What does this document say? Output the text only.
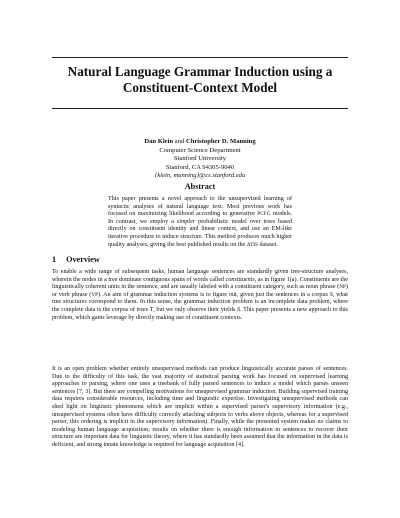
Natural Language Grammar Induction using a
Constituent-Context Model
Dan Klein and Christopher D. Manning
Computer Science Department
Stanford University
Stanford, CA 94305-9040
{klein, manning}@cs.stanford.edu
Abstract
This paper presents a novel approach to the unsupervised learning of syntactic analyses of natural language text. Most previous work has focused on maximizing likelihood according to generative PCFG models. In contrast, we employ a simpler probabilistic model over trees based directly on constituent identity and linear context, and use an EM-like iterative procedure to induce structure. This method produces much higher quality analyses, giving the best published results on the ATIS dataset.
1 Overview
To enable a wide range of subsequent tasks, human language sentences are standardly given tree-structure analyses, wherein the nodes in a tree dominate contiguous spans of words called constituents, as in figure 1(a). Constituents are the linguistically coherent units in the sentence, and are usually labeled with a constituent category, such as noun phrase (NP) or verb phrase (VP). An aim of grammar induction systems is to figure out, given just the sentences in a corpus S, what tree structures correspond to them. In this sense, the grammar induction problem is an incomplete data problem, where the complete data is the corpus of trees T, but we only observe their yields S. This paper presents a new approach to this problem, which gains leverage by directly making use of constituent contexts.
It is an open problem whether entirely unsupervised methods can produce linguistically accurate parses of sentences. Due to the difficulty of this task, the vast majority of statistical parsing work has focused on supervised learning approaches to parsing, where one uses a treebank of fully parsed sentences to induce a model which parses unseen sentences [7, 3]. But there are compelling motivations for unsupervised grammar induction. Building supervised training data requires considerable resources, including time and linguistic expertise. Investigating unsupervised methods can shed light on linguistic phenomena which are implicit within a supervised parser's supervisory information (e.g., unsupervised systems often have difficulty correctly attaching subjects to verbs above objects, whereas for a supervised parser, this ordering is implicit in the supervisory information). Finally, while the presented system makes no claims to modeling human language acquisition, results on whether there is enough information in sentences to recover their structure are important data for linguistic theory, where it has standardly been assumed that the information in the data is deficient, and strong innate knowledge is required for language acquisition [4].
